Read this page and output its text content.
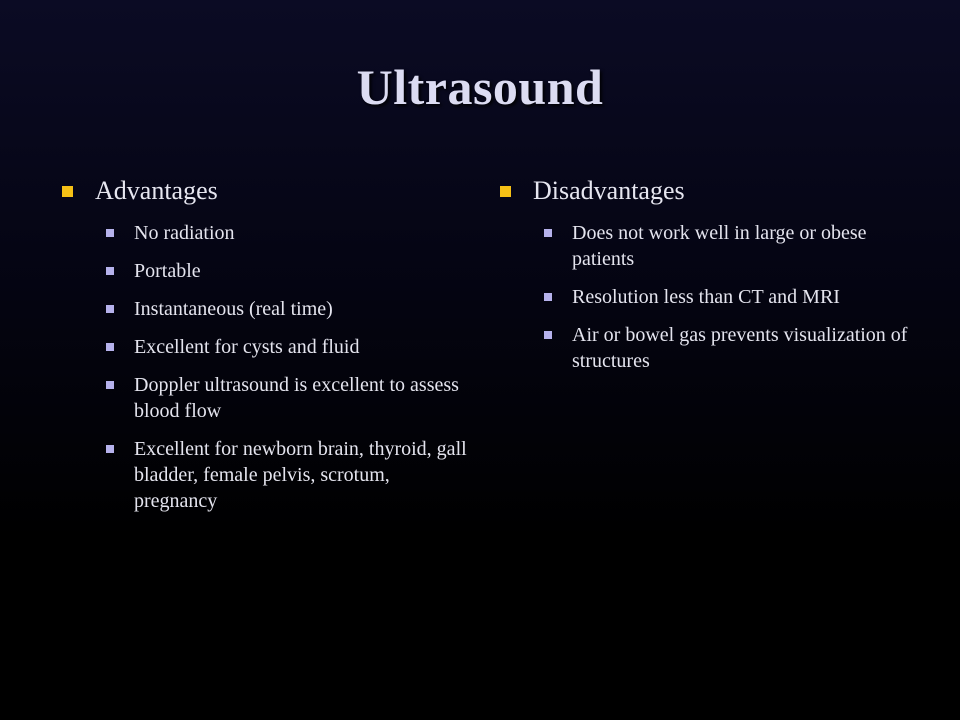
Ultrasound
Advantages
No radiation
Portable
Instantaneous (real time)
Excellent for cysts and fluid
Doppler ultrasound is excellent to assess blood flow
Excellent for newborn brain, thyroid, gall bladder, female pelvis, scrotum, pregnancy
Disadvantages
Does not work well in large or obese patients
Resolution less than CT and MRI
Air or bowel gas prevents visualization of structures
